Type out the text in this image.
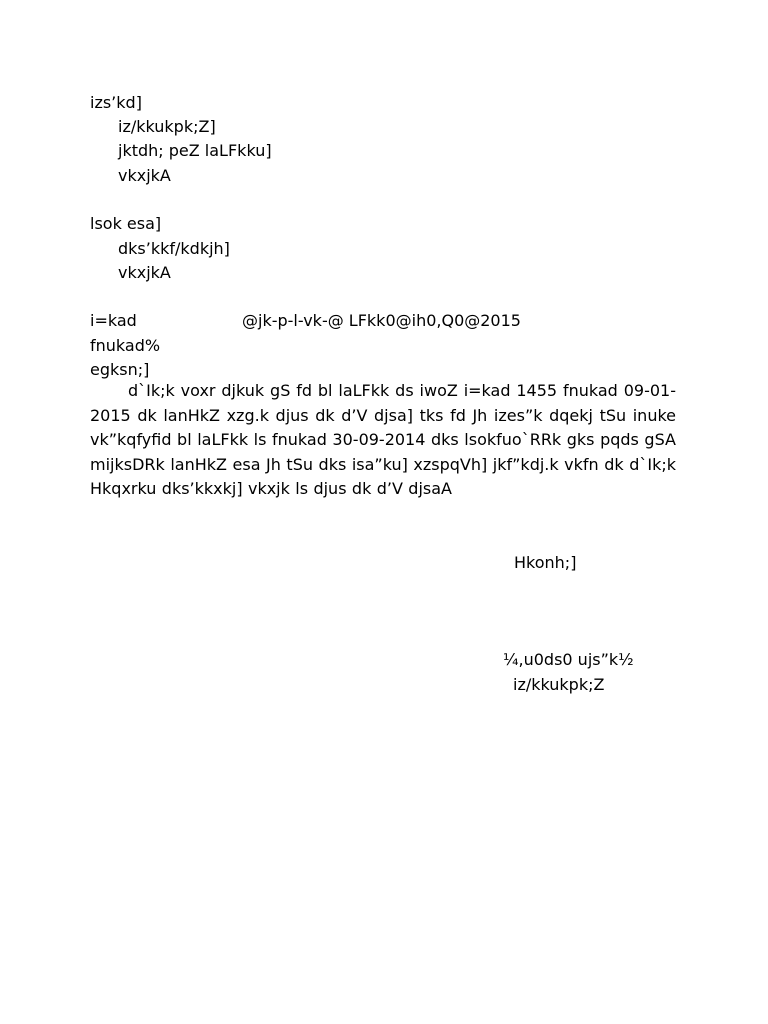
izs’kd]
iz/kkukpk;Z]
jktdh; peZ laLFkku]
vkxjkA
lsok esa]
dks’kkf/kdkjh]
vkxjkA
i=kad	@jk-p-l-vk-@ LFkk0@ih0,Q0@2015
fnukad%
egksn;]
d`Ik;k voxr djkuk gS fd bl laLFkk ds iwoZ i=kad 1455 fnukad 09-01-2015 dk lanHkZ xzg.k djus dk d’V djsa] tks fd Jh izes”k dqekj tSu inuke vk”kqfyfid bl laLFkk ls fnukad 30-09-2014 dks lsokfuo`RRk gks pqds gSA mijksDRk lanHkZ esa Jh tSu dks isa”ku] xzspqVh] jkf”kdj.k vkfn dk d`Ik;k Hkqxrku dks’kkxkj] vkxjk ls djus dk d’V djsaA
Hkonh;]
¼,u0ds0 ujs”k½
iz/kkukpk;Z
